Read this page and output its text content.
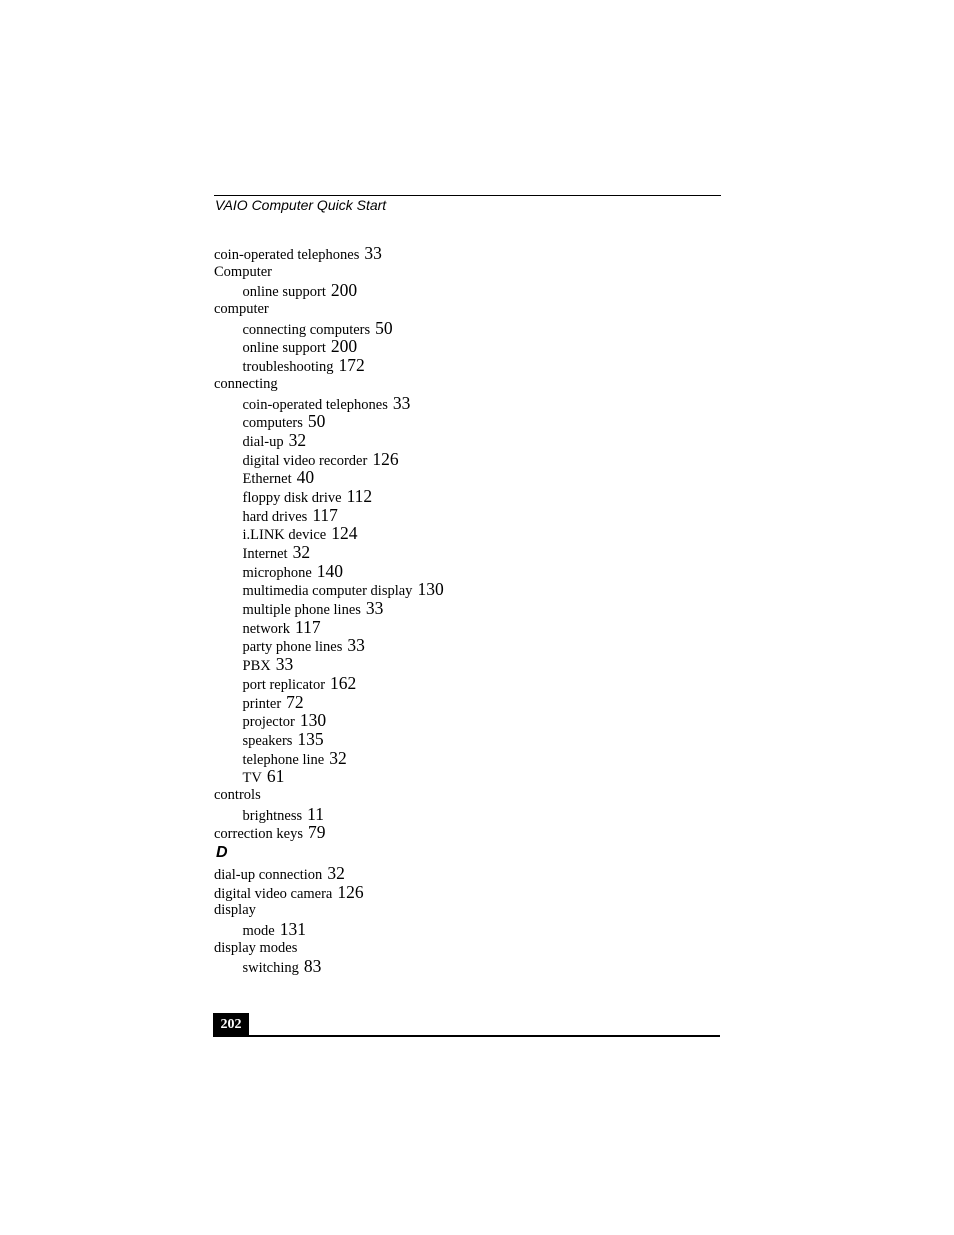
VAIO Computer Quick Start
coin-operated telephones 33
Computer
online support 200
computer
connecting computers 50
online support 200
troubleshooting 172
connecting
coin-operated telephones 33
computers 50
dial-up 32
digital video recorder 126
Ethernet 40
floppy disk drive 112
hard drives 117
i.LINK device 124
Internet 32
microphone 140
multimedia computer display 130
multiple phone lines 33
network 117
party phone lines 33
PBX 33
port replicator 162
printer 72
projector 130
speakers 135
telephone line 32
TV 61
controls
brightness 11
correction keys 79
D
dial-up connection 32
digital video camera 126
display
mode 131
display modes
switching 83
202
